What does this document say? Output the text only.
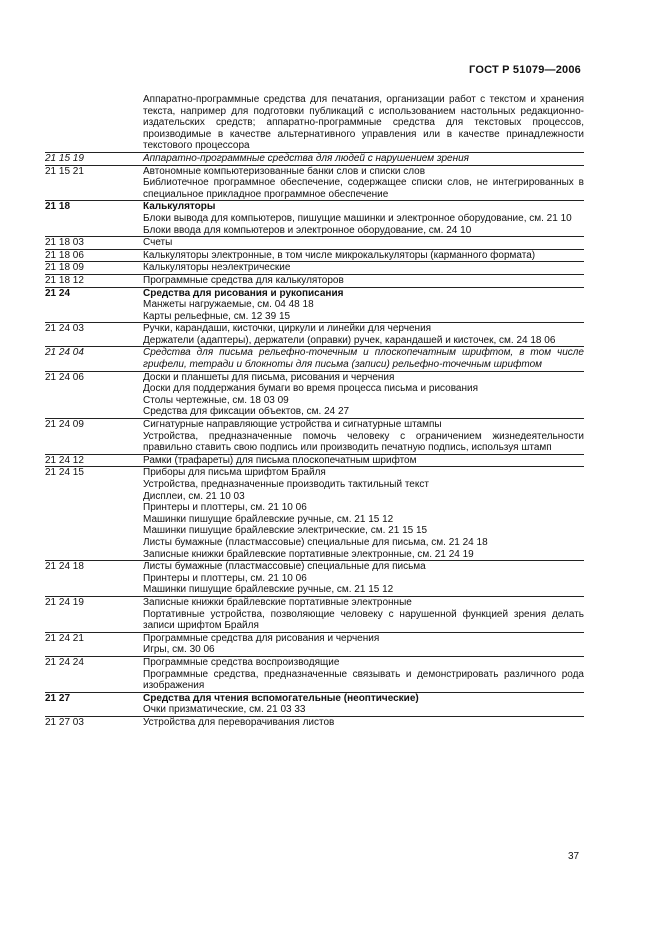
ГОСТ Р 51079—2006
Аппаратно-программные средства для печатания, организации работ с текстом и хранения текста, например для подготовки публикаций с использованием настольных редакционно-издательских средств; аппаратно-программные средства для текстовых процессов, производимые в качестве альтернативного управления или в качестве принадлежности текстового процессора
21 15 19	Аппаратно-программные средства для людей с нарушением зрения
21 15 21	Автономные компьютеризованные банки слов и списки слов
Библиотечное программное обеспечение, содержащее списки слов, не интегрированных в специальное прикладное программное обеспечение
21 18	Калькуляторы
Блоки вывода для компьютеров, пишущие машинки и электронное оборудование, см. 21 10
Блоки ввода для компьютеров и электронное оборудование, см. 24 10
21 18 03	Счеты
21 18 06	Калькуляторы электронные, в том числе микрокалькуляторы (карманного формата)
21 18 09	Калькуляторы неэлектрические
21 18 12	Программные средства для калькуляторов
21 24	Средства для рисования и рукописания
Манжеты нагружаемые, см. 04 48 18
Карты рельефные, см. 12 39 15
21 24 03	Ручки, карандаши, кисточки, циркули и линейки для черчения
Держатели (адаптеры), держатели (оправки) ручек, карандашей и кисточек, см. 24 18 06
21 24 04	Средства для письма рельефно-точечным и плоскопечатным шрифтом, в том числе грифели, тетради и блокноты для письма (записи) рельефно-точечным шрифтом
21 24 06	Доски и планшеты для письма, рисования и черчения
Доски для поддержания бумаги во время процесса письма и рисования
Столы чертежные, см. 18 03 09
Средства для фиксации объектов, см. 24 27
21 24 09	Сигнатурные направляющие устройства и сигнатурные штампы
Устройства, предназначенные помочь человеку с ограничением жизнедеятельности правильно ставить свою подпись или производить печатную подпись, используя штамп
21 24 12	Рамки (трафареты) для письма плоскопечатным шрифтом
21 24 15	Приборы для письма шрифтом Брайля
Устройства, предназначенные производить тактильный текст
Дисплеи, см. 21 10 03
Принтеры и плоттеры, см. 21 10 06
Машинки пишущие брайлевские ручные, см. 21 15 12
Машинки пишущие брайлевские электрические, см. 21 15 15
Листы бумажные (пластмассовые) специальные для письма, см. 21 24 18
Записные книжки брайлевские портативные электронные, см. 21 24 19
21 24 18	Листы бумажные (пластмассовые) специальные для письма
Принтеры и плоттеры, см. 21 10 06
Машинки пишущие брайлевские ручные, см. 21 15 12
21 24 19	Записные книжки брайлевские портативные электронные
Портативные устройства, позволяющие человеку с нарушенной функцией зрения делать записи шрифтом Брайля
21 24 21	Программные средства для рисования и черчения
Игры, см. 30 06
21 24 24	Программные средства воспроизводящие
Программные средства, предназначенные связывать и демонстрировать различного рода изображения
21 27	Средства для чтения вспомогательные (неоптические)
Очки призматические, см. 21 03 33
21 27 03	Устройства для переворачивания листов
37
